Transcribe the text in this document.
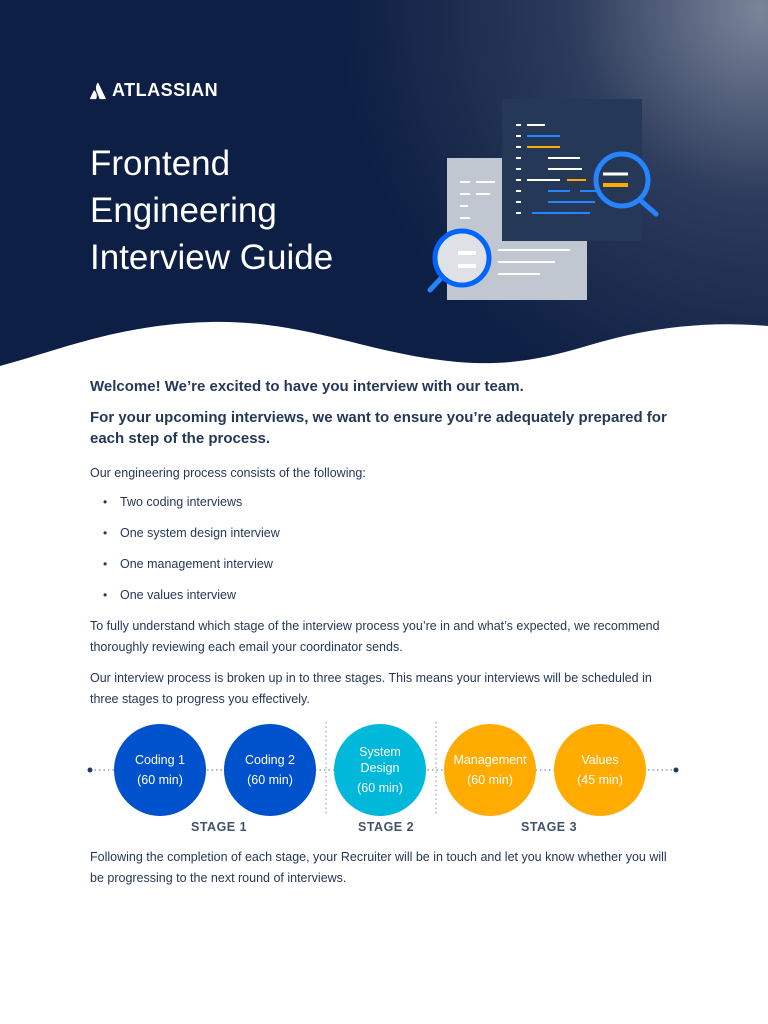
ATLASSIAN
Frontend
Engineering
Interview Guide

Welcome! We’re excited to have you interview with our team.

For your upcoming interviews, we want to ensure you’re adequately prepared for each step of the process.

Our engineering process consists of the following:

• Two coding interviews
• One system design interview
• One management interview
• One values interview

To fully understand which stage of the interview process you’re in and what’s expected, we recommend thoroughly reviewing each email your coordinator sends.

Our interview process is broken up in to three stages. This means your interviews will be scheduled in three stages to progress you effectively.

Coding 1
(60 min)
Coding 2
(60 min)
System Design
(60 min)
Management
(60 min)
Values
(45 min)
STAGE 1	STAGE 2	STAGE 3

Following the completion of each stage, your Recruiter will be in touch and let you know whether you will be progressing to the next round of interviews.
